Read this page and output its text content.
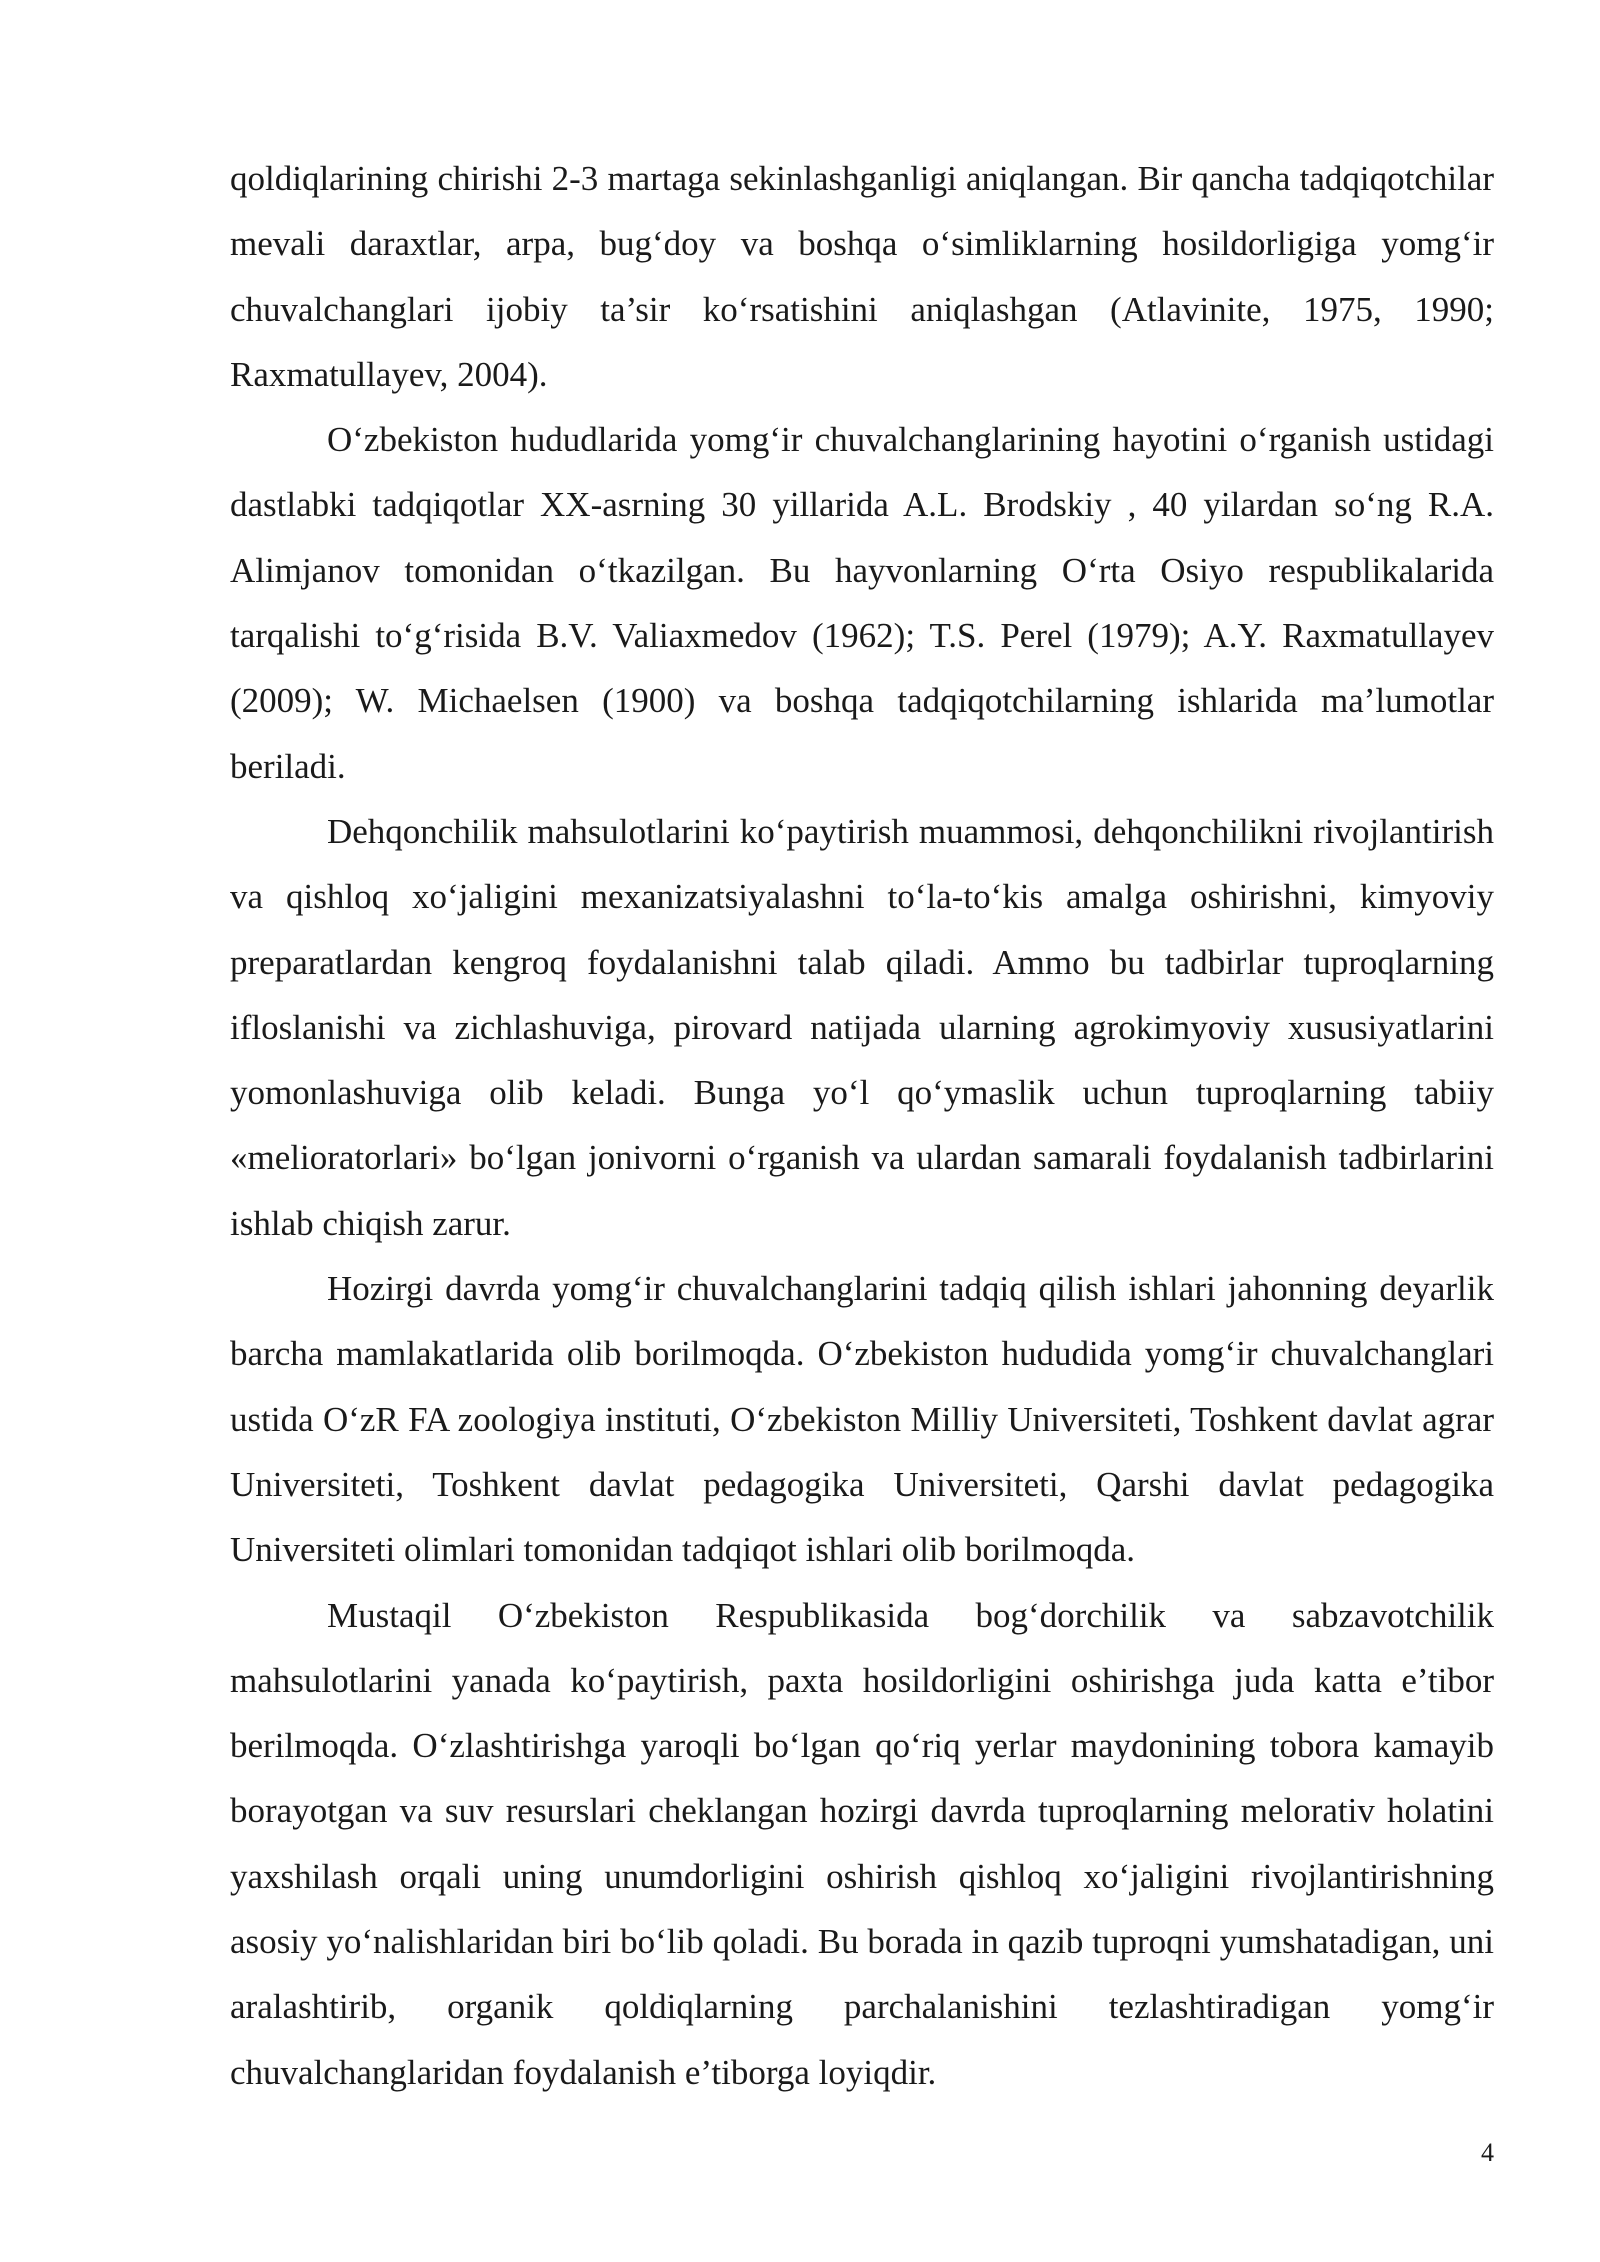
qoldiqlarining chirishi 2-3 martaga sekinlashganligi aniqlangan. Bir qancha tadqiqotchilar mevali daraxtlar, arpa, bug‘doy va boshqa o‘simliklarning hosildorligiga yomg‘ir chuvalchanglari ijobiy ta’sir ko‘rsatishini aniqlashgan (Atlavinite, 1975, 1990; Raxmatullayev, 2004).

O‘zbekiston hududlarida yomg‘ir chuvalchanglarining hayotini o‘rganish ustidagi dastlabki tadqiqotlar XX-asrning 30 yillarida A.L. Brodskiy , 40 yilardan so‘ng R.A. Alimjanov tomonidan o‘tkazilgan. Bu hayvonlarning O‘rta Osiyo respublikalarida tarqalishi to‘g‘risida B.V. Valiaxmedov (1962); T.S. Perel (1979); A.Y. Raxmatullayev (2009); W. Michaelsen (1900) va boshqa tadqiqotchilarning ishlarida ma’lumotlar beriladi.

Dehqonchilik mahsulotlarini ko‘paytirish muammosi, dehqonchilikni rivojlantirish va qishloq xo‘jaligini mexanizatsiyalashni to‘la-to‘kis amalga oshirishni, kimyoviy preparatlardan kengroq foydalanishni talab qiladi. Ammo bu tadbirlar tuproqlarning ifloslanishi va zichlashuviga, pirovard natijada ularning agrokimyoviy xususiyatlarini yomonlashuviga olib keladi. Bunga yo‘l qo‘ymaslik uchun tuproqlarning tabiiy «melioratorlari» bo‘lgan jonivorni o‘rganish va ulardan samarali foydalanish tadbirlarini ishlab chiqish zarur.

Hozirgi davrda yomg‘ir chuvalchanglarini tadqiq qilish ishlari jahonning deyarlik barcha mamlakatlarida olib borilmoqda. O‘zbekiston hududida yomg‘ir chuvalchanglari ustida O‘zR FA zoologiya instituti, O‘zbekiston Milliy Universiteti, Toshkent davlat agrar Universiteti, Toshkent davlat pedagogika Universiteti, Qarshi davlat pedagogika Universiteti olimlari tomonidan tadqiqot ishlari olib borilmoqda.

Mustaqil O‘zbekiston Respublikasida bog‘dorchilik va sabzavotchilik mahsulotlarini yanada ko‘paytirish, paxta hosildorligini oshirishga juda katta e’tibor berilmoqda. O‘zlashtirishga yaroqli bo‘lgan qo‘riq yerlar maydonining tobora kamayib borayotgan va suv resurslari cheklangan hozirgi davrda tuproqlarning melorativ holatini yaxshilash orqali uning unumdorligini oshirish qishloq xo‘jaligini rivojlantirishning asosiy yo‘nalishlaridan biri bo‘lib qoladi. Bu borada in qazib tuproqni yumshatadigan, uni aralashtirib, organik qoldiqlarning parchalanishini tezlashtiradigan yomg‘ir chuvalchanglaridan foydalanish e’tiborga loyiqdir.

4
